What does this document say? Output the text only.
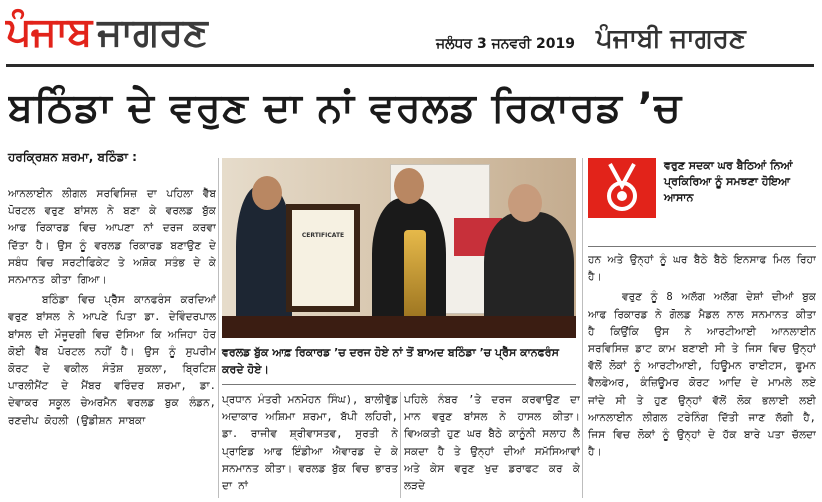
ਪੰਜਾਬ ਜਾਗਰਣ	ਜਲੰਧਰ 3 ਜਨਵਰੀ 2019 ਪੰਜਾਬੀ ਜਾਗਰਣ
ਬਠਿੰਡਾ ਦੇ ਵਰੁਣ ਦਾ ਨਾਂ ਵਰਲਡ ਰਿਕਾਰਡ ’ਚ
ਹਰਕ੍ਰਿਸ਼ਨ ਸ਼ਰਮਾ, ਬਠਿੰਡਾ :

ਆਨਲਾਈਨ ਲੀਗਲ ਸਰਵਿਸਿਜ਼ ਦਾ ਪਹਿਲਾ ਵੈੱਬ ਪੋਰਟਲ ਵਰੁਣ ਬਾਂਸਲ ਨੇ ਬਣਾ ਕੇ ਵਰਲਡ ਬੁੱਕ ਆਫ ਰਿਕਾਰਡ ਵਿਚ ਆਪਣਾ ਨਾਂ ਦਰਜ ਕਰਵਾ ਦਿੱਤਾ ਹੈ। ਉਸ ਨੂੰ ਵਰਲਡ ਰਿਕਾਰਡ ਬਣਾਉਣ ਦੇ ਸਬੰਧ ਵਿਚ ਸਰਟੀਫਿਕੇਟ ਤੇ ਅਸ਼ੋਕ ਸਤੰਭ ਦੇ ਕੇ ਸਨਮਾਨਤ ਕੀਤਾ ਗਿਆ।

ਬਠਿੰਡਾ ਵਿਚ ਪ੍ਰੈੱਸ ਕਾਨਫਰੰਸ ਕਰਦਿਆਂ ਵਰੁਣ ਬਾਂਸਲ ਨੇ ਆਪਣੇ ਪਿਤਾ ਡਾ. ਦੇਵਿੰਦਰਪਾਲ ਬਾਂਸਲ ਦੀ ਮੌਜੂਦਗੀ ਵਿਚ ਦੱਸਿਆ ਕਿ ਅਜਿਹਾ ਹੋਰ ਕੋਈ ਵੈੱਬ ਪੋਰਟਲ ਨਹੀਂ ਹੈ। ਉਸ ਨੂੰ ਸੁਪਰੀਮ ਕੋਰਟ ਦੇ ਵਕੀਲ ਸੰਤੋਸ਼ ਸ਼ੁਕਲਾ, ਬ੍ਰਿਟਿਸ਼ ਪਾਰਲੀਮੈਂਟ ਦੇ ਮੈਂਬਰ ਵਰਿੰਦਰ ਸ਼ਰਮਾ, ਡਾ. ਦੇਵਾਕਰ ਸਕੂਲ ਚੇਅਰਮੈਨ ਵਰਲਡ ਬੁਕ ਲੰਡਨ, ਰਣਦੀਪ ਕੋਹਲੀ (ਉਡੀਸ਼ਨ ਸਾਬਕਾ

CERTIFICATE
ਵਰਲਡ ਬੁੱਕ ਆਫ਼ ਰਿਕਾਰਡ ’ਚ ਦਰਜ ਹੋਏ ਨਾਂ ਤੋਂ ਬਾਅਦ ਬਠਿੰਡਾ ’ਚ ਪ੍ਰੈੱਸ ਕਾਨਫਰੰਸ ਕਰਦੇ ਹੋਏ।

ਪ੍ਰਧਾਨ ਮੰਤਰੀ ਮਨਮੋਹਨ ਸਿੰਘ), ਬਾਲੀਵੁੱਡ ਅਦਾਕਾਰ ਅਸ਼ਿਮਾ ਸ਼ਰਮਾ, ਬੱਪੀ ਲਹਿਰੀ, ਡਾ. ਰਾਜੀਵ ਸ਼੍ਰੀਵਾਸਤਵ, ਸੁਰਤੀ ਨੇ ਪ੍ਰਾਇਡ ਆਫ ਇੰਡੀਆ ਐਵਾਰਡ ਦੇ ਕੇ ਸਨਮਾਨਤ ਕੀਤਾ। ਵਰਲਡ ਬੁੱਕ ਵਿਚ ਭਾਰਤ ਦਾ ਨਾਂ

ਪਹਿਲੇ ਨੰਬਰ ’ਤੇ ਦਰਜ ਕਰਵਾਉਣ ਦਾ ਮਾਨ ਵਰੁਣ ਬਾਂਸਲ ਨੇ ਹਾਸਲ ਕੀਤਾ। ਵਿਅਕਤੀ ਹੁਣ ਘਰ ਬੈਠੇ ਕਾਨੂੰਨੀ ਸਲਾਹ ਲੈ ਸਕਦਾ ਹੈ ਤੇ ਉਨ੍ਹਾਂ ਦੀਆਂ ਸਮੱਸਿਆਵਾਂ ਅਤੇ ਕੇਸ ਵਰੁਣ ਖੁਦ ਡਰਾਫਟ ਕਰ ਕੇ ਲੜਦੇ

ਵਰੁਣ ਸਦਕਾ ਘਰ ਬੈਠਿਆਂ ਨਿਆਂ ਪ੍ਰਕਿਰਿਆ ਨੂੰ ਸਮਝਣਾ ਹੋਇਆ ਆਸਾਨ

ਹਨ ਅਤੇ ਉਨ੍ਹਾਂ ਨੂੰ ਘਰ ਬੈਠੇ ਬੈਠੇ ਇਨਸਾਫ ਮਿਲ ਰਿਹਾ ਹੈ।

ਵਰੁਣ ਨੂੰ 8 ਅਲੱਗ ਅਲੱਗ ਦੇਸ਼ਾਂ ਦੀਆਂ ਬੁਕ ਆਫ ਰਿਕਾਰਡ ਨੇ ਗੋਲਡ ਮੈਡਲ ਨਾਲ ਸਨਮਾਨਤ ਕੀਤਾ ਹੈ ਕਿਉਂਕਿ ਉਸ ਨੇ ਆਰਟੀਆਈ ਆਨਲਾਈਨ ਸਰਵਿਸਿਜ਼ ਡਾਟ ਕਾਮ ਬਣਾਈ ਸੀ ਤੇ ਜਿਸ ਵਿਚ ਉਨ੍ਹਾਂ ਵੱਲੋਂ ਲੋਕਾਂ ਨੂੰ ਆਰਟੀਆਈ, ਹਿਊਮਨ ਰਾਈਟਸ, ਫੂਮਨ ਵੈਲਫੇਅਰ, ਕੰਜ਼ਿਊਮਰ ਕੋਰਟ ਆਦਿ ਦੇ ਮਾਮਲੇ ਲਏ ਜਾਂਦੇ ਸੀ ਤੇ ਹੁਣ ਉਨ੍ਹਾਂ ਵੱਲੋਂ ਲੋਕ ਭਲਾਈ ਲਈ ਆਨਲਾਈਨ ਲੀਗਲ ਟਰੇਨਿੰਗ ਦਿੱਤੀ ਜਾਣ ਲੱਗੀ ਹੈ, ਜਿਸ ਵਿਚ ਲੋਕਾਂ ਨੂੰ ਉਨ੍ਹਾਂ ਦੇ ਹੱਕ ਬਾਰੇ ਪਤਾ ਚੱਲਦਾ ਹੈ।
